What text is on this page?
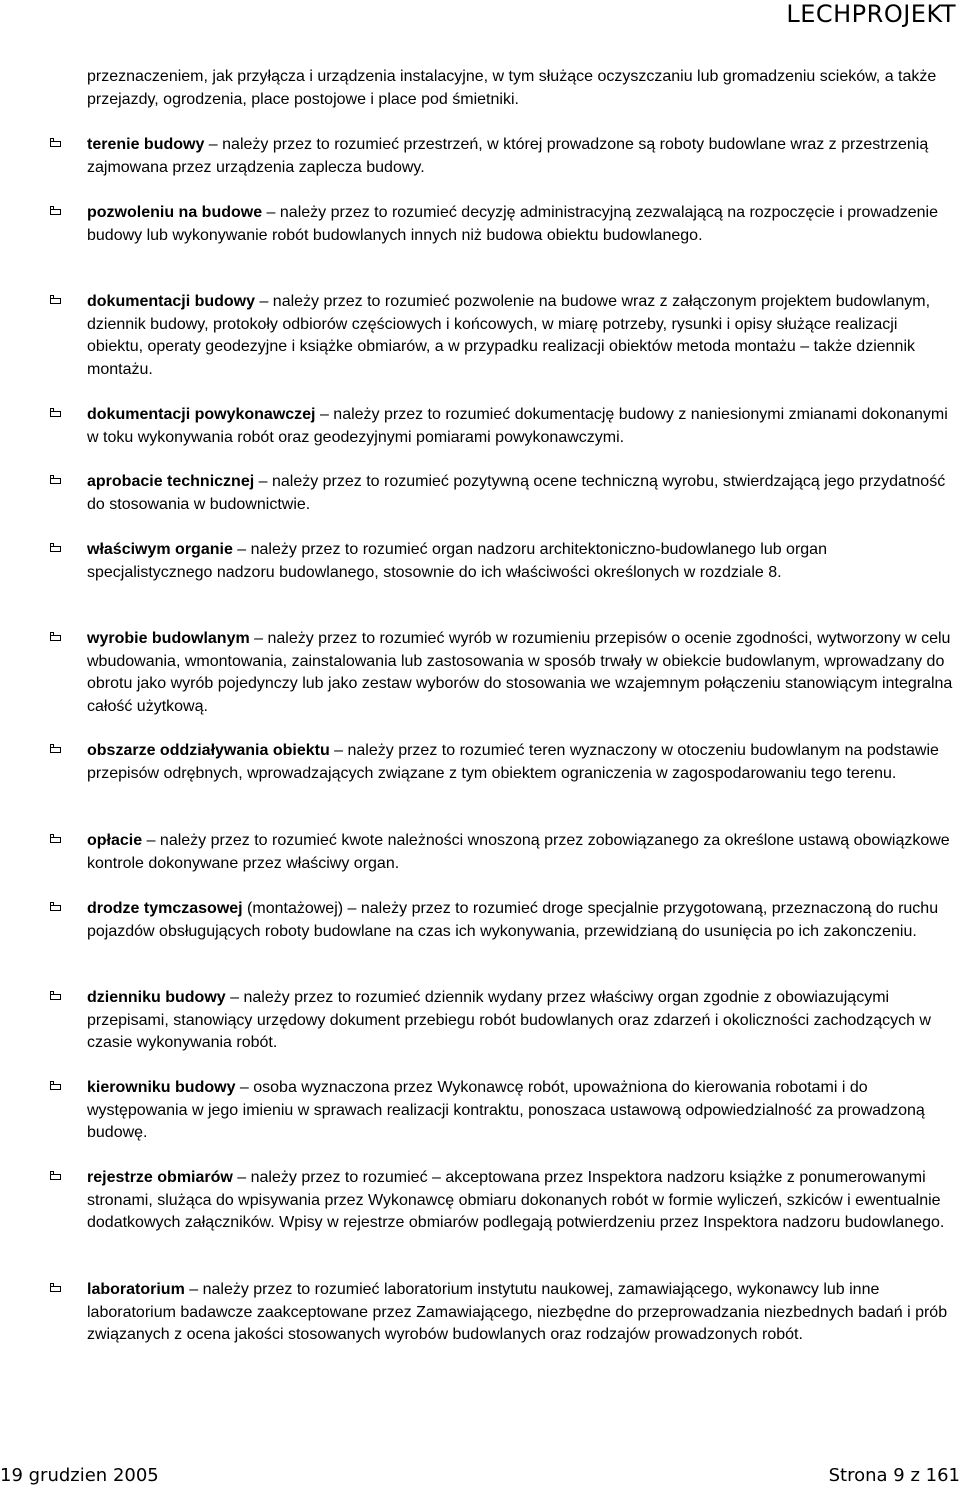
LECHPROJEKT
przeznaczeniem, jak przyłącza i urządzenia instalacyjne, w tym służące oczyszczaniu lub gromadzeniu scieków, a także przejazdy, ogrodzenia, place postojowe i place pod śmietniki.
terenie budowy – należy przez to rozumieć przestrzeń, w której prowadzone są roboty budowlane wraz z przestrzenią zajmowana przez urządzenia zaplecza budowy.
pozwoleniu na budowe – należy przez to rozumieć decyzję administracyjną zezwalającą na rozpoczęcie i prowadzenie budowy lub wykonywanie robót budowlanych innych niż budowa obiektu budowlanego.
dokumentacji budowy – należy przez to rozumieć pozwolenie na budowe wraz z załączonym projektem budowlanym, dziennik budowy, protokoły odbiorów częściowych i końcowych, w miarę potrzeby, rysunki i opisy służące realizacji obiektu, operaty geodezyjne i książke obmiarów, a w przypadku realizacji obiektów metoda montażu – także dziennik montażu.
dokumentacji powykonawczej – należy przez to rozumieć dokumentację budowy z naniesionymi zmianami dokonanymi w toku wykonywania robót oraz geodezyjnymi pomiarami powykonawczymi.
aprobacie technicznej – należy przez to rozumieć pozytywną ocene techniczną wyrobu, stwierdzającą jego przydatność do stosowania w budownictwie.
właściwym organie – należy przez to rozumieć organ nadzoru architektoniczno-budowlanego lub organ specjalistycznego nadzoru budowlanego, stosownie do ich właściwości określonych w rozdziale 8.
wyrobie budowlanym – należy przez to rozumieć wyrób w rozumieniu przepisów o ocenie zgodności, wytworzony w celu wbudowania, wmontowania, zainstalowania lub zastosowania w sposób trwały w obiekcie budowlanym, wprowadzany do obrotu jako wyrób pojedynczy lub jako zestaw wyborów do stosowania we wzajemnym połączeniu stanowiącym integralna całość użytkową.
obszarze oddziaływania obiektu – należy przez to rozumieć teren wyznaczony w otoczeniu budowlanym na podstawie przepisów odrębnych, wprowadzających związane z tym obiektem ograniczenia w zagospodarowaniu tego terenu.
opłacie – należy przez to rozumieć kwote należności wnoszoną przez zobowiązanego za określone ustawą obowiązkowe kontrole dokonywane przez właściwy organ.
drodze tymczasowej (montażowej) – należy przez to rozumieć droge specjalnie przygotowaną, przeznaczoną do ruchu pojazdów obsługujących roboty budowlane na czas ich wykonywania, przewidzianą do usunięcia po ich zakonczeniu.
dzienniku budowy – należy przez to rozumieć dziennik wydany przez właściwy organ zgodnie z obowiazującymi przepisami, stanowiący urzędowy dokument przebiegu robót budowlanych oraz zdarzeń i okoliczności zachodzących w czasie wykonywania robót.
kierowniku budowy – osoba wyznaczona przez Wykonawcę robót, upoważniona do kierowania robotami i do występowania w jego imieniu w sprawach realizacji kontraktu, ponoszaca ustawową odpowiedzialność za prowadzoną budowę.
rejestrze obmiarów – należy przez to rozumieć – akceptowana przez Inspektora nadzoru książke z ponumerowanymi stronami, slużąca do wpisywania przez Wykonawcę obmiaru dokonanych robót w formie wyliczeń, szkiców i ewentualnie dodatkowych załączników. Wpisy w rejestrze obmiarów podlegają potwierdzeniu przez Inspektora nadzoru budowlanego.
laboratorium – należy przez to rozumieć laboratorium instytutu naukowej, zamawiającego, wykonawcy lub inne laboratorium badawcze zaakceptowane przez Zamawiającego, niezbędne do przeprowadzania niezbednych badań i prób związanych z ocena jakości stosowanych wyrobów budowlanych oraz rodzajów prowadzonych robót.
19 grudzien 2005	Strona 9 z 161
